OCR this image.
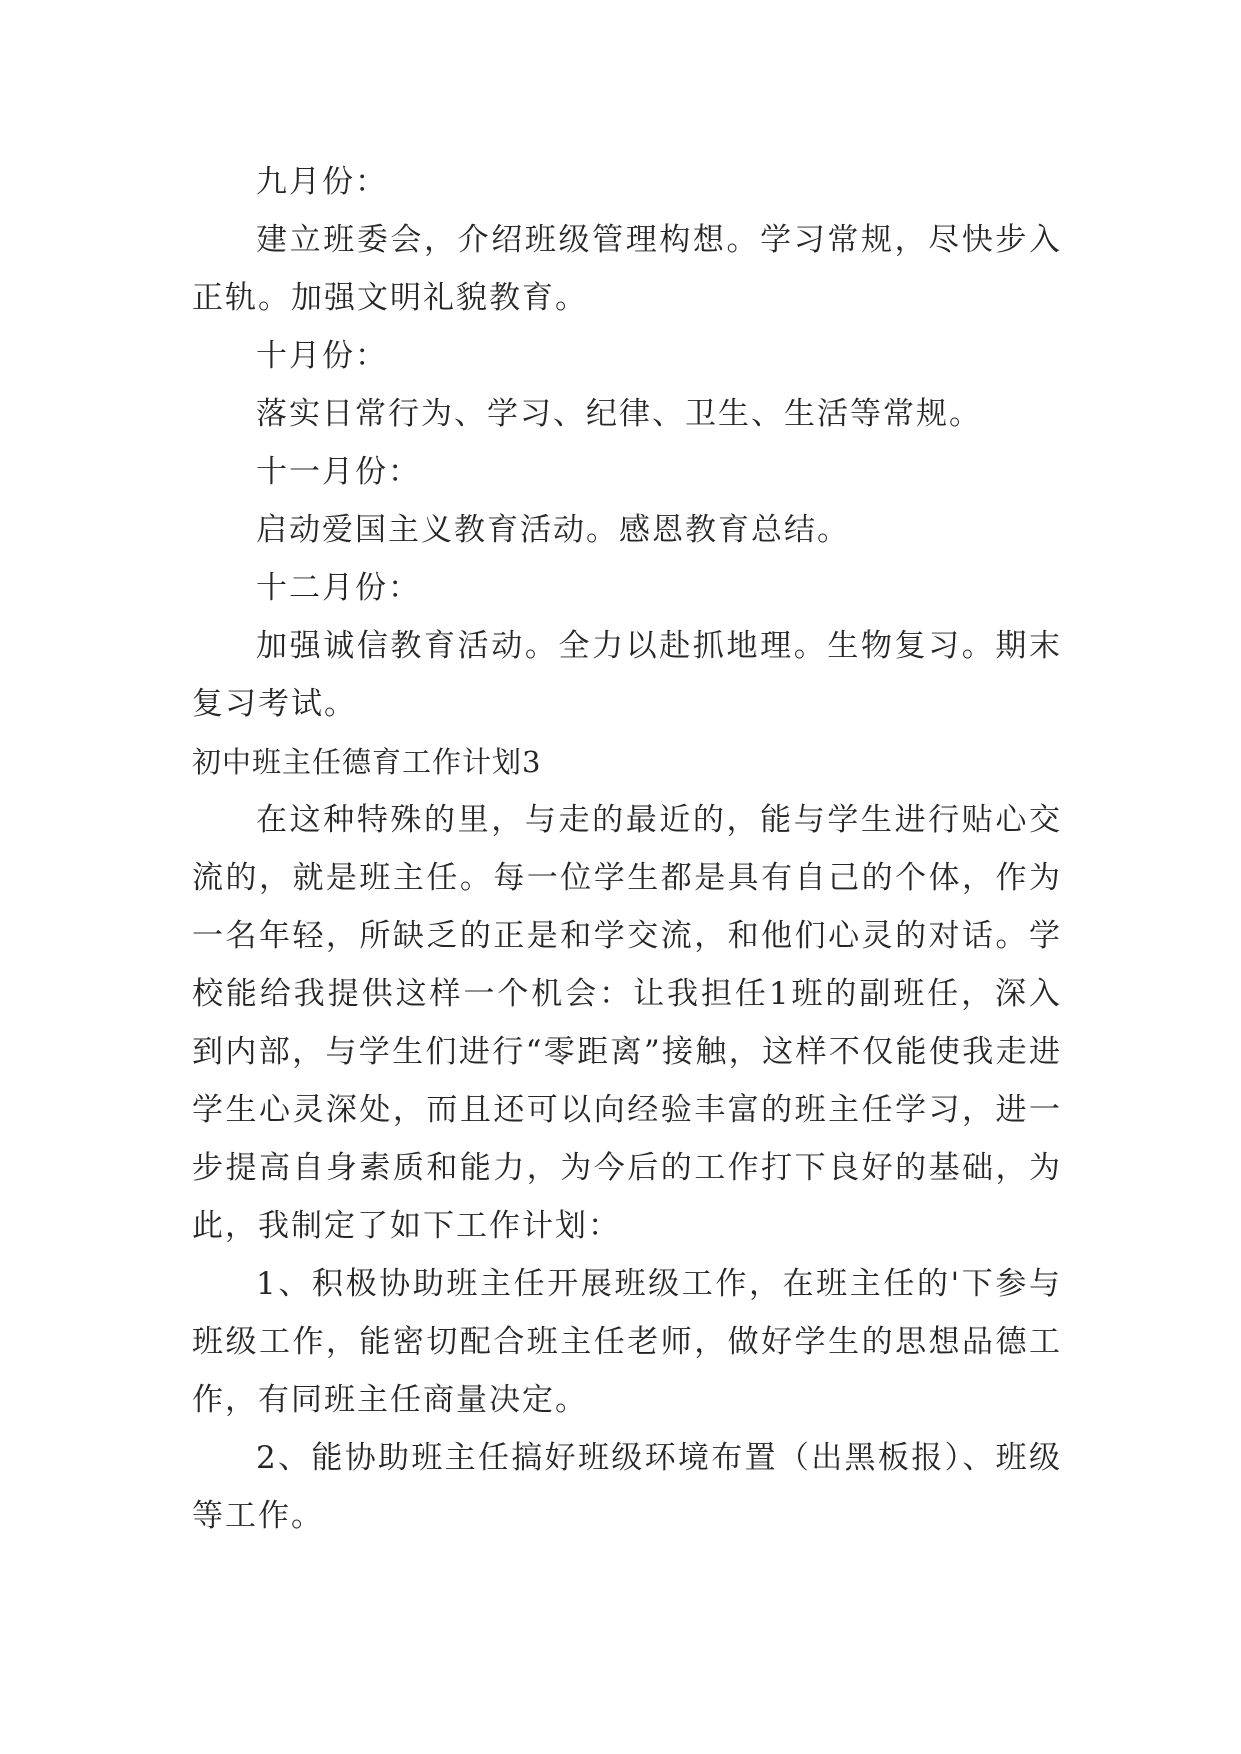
九月份：

建立班委会，介绍班级管理构想。学习常规，尽快步入正轨。加强文明礼貌教育。

十月份：

落实日常行为、学习、纪律、卫生、生活等常规。

十一月份：

启动爱国主义教育活动。感恩教育总结。

十二月份：

加强诚信教育活动。全力以赴抓地理。生物复习。期末复习考试。

初中班主任德育工作计划3

在这种特殊的里，与走的最近的，能与学生进行贴心交流的，就是班主任。每一位学生都是具有自己的个体，作为一名年轻，所缺乏的正是和学交流，和他们心灵的对话。学校能给我提供这样一个机会：让我担任1班的副班任，深入到内部，与学生们进行“零距离”接触，这样不仅能使我走进学生心灵深处，而且还可以向经验丰富的班主任学习，进一步提高自身素质和能力，为今后的工作打下良好的基础，为此，我制定了如下工作计划：

1、积极协助班主任开展班级工作，在班主任的'下参与班级工作，能密切配合班主任老师，做好学生的思想品德工作，有同班主任商量决定。

2、能协助班主任搞好班级环境布置（出黑板报）、班级等工作。
